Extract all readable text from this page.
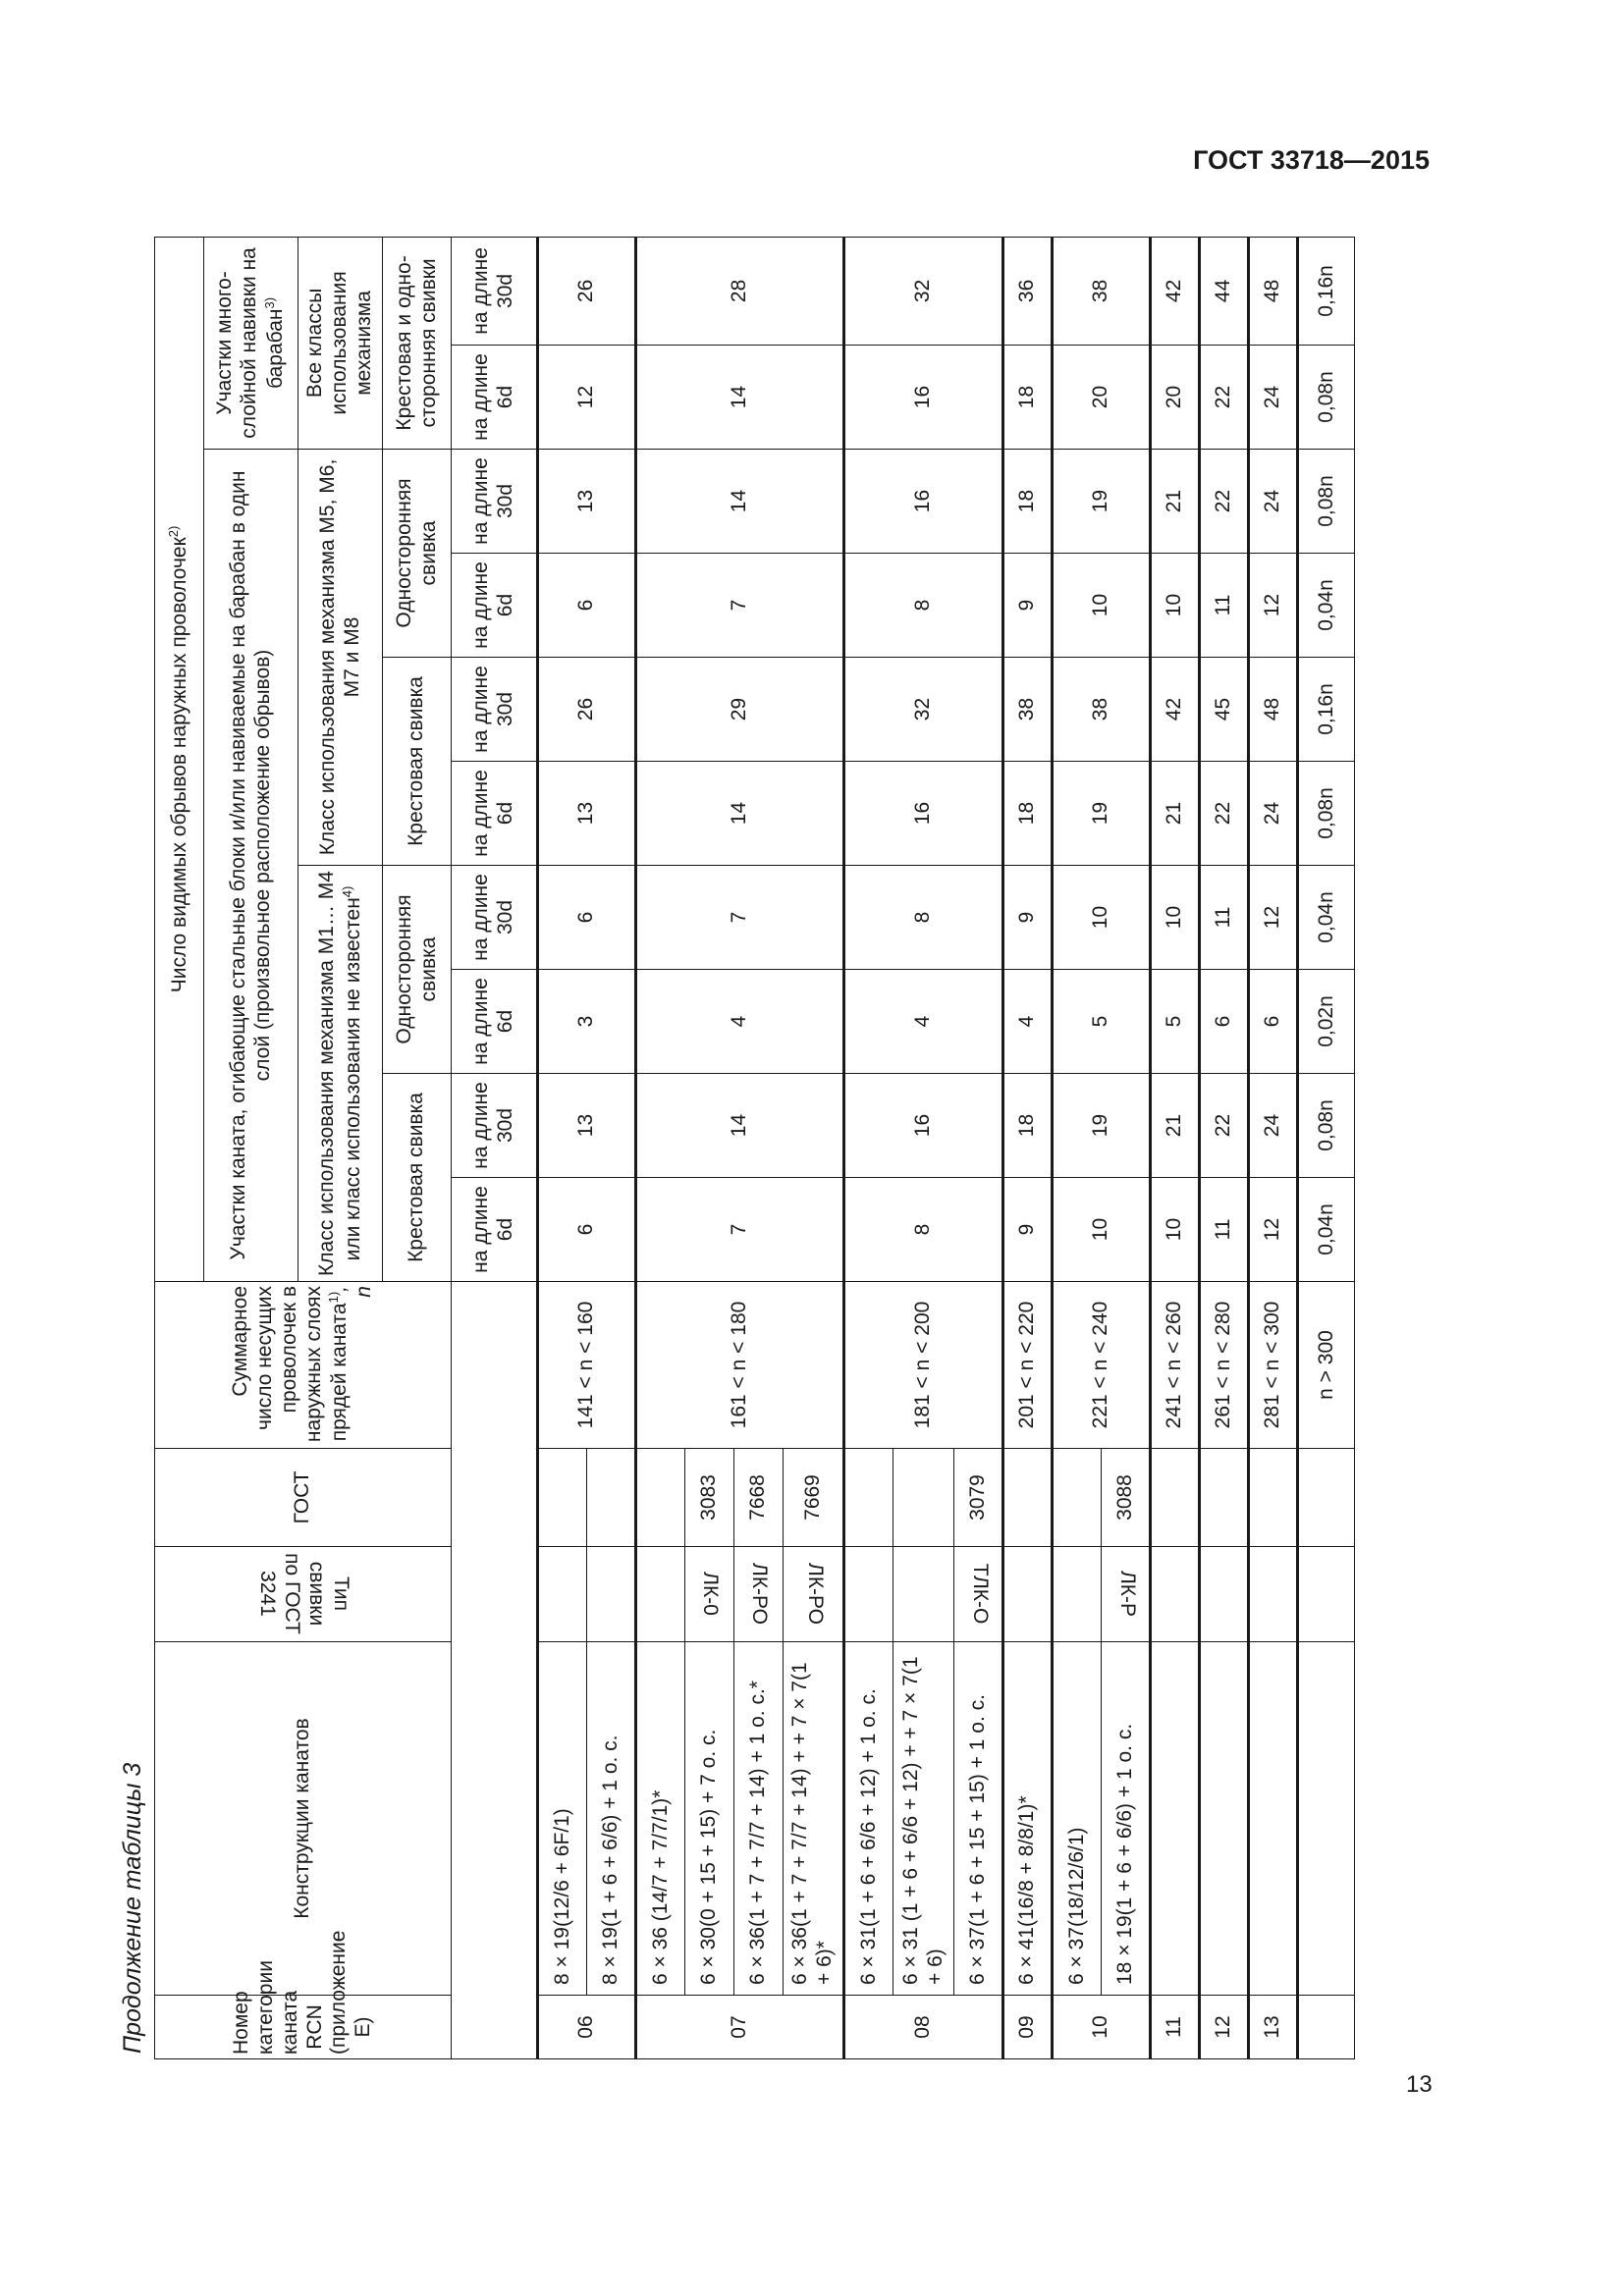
ГОСТ 33718—2015
Продолжение таблицы 3	Номер категории каната RCN (приложение Е)	Конструкции канатов	Тип свивки по ГОСТ 3241	ГОСТ	Суммарное число несущих проволочек в наружных слоях прядей каната$^{1)}$, n	Число видимых обрывов наружных проволочек$^{2)}$
					Участки каната, огибающие стальные блоки и/или навиваемые на барабан в один слой (произвольное расположение обрывов)								Участки многослойной навивки на барабан$^{3)}$
					Класс использования механизма М1… М4 или класс использования не известен$^{4)}$				Класс использования механизма М5, М6, М7 и М8				Все классы использования механизма	
					Крестовая свивка		Односторонняя свивка		Крестовая свивка		Односторонняя свивка		Крестовая и односторонняя свивки	
					на длине 6d	на длине 30d	на длине 6d	на длине 30d	на длине 6d	на длине 30d	на длине 6d	на длине 30d	на длине 6d	на длине 30d
06	8 × 19(12/6 + 6F/1)			141 < n < 160	6	13	3	6	13	26	6	13	12	26
	8 × 19(1 + 6 + 6/6) + 1 о. с.													
07	6 × 36 (14/7 + 7/7/1)*			161 < n < 180	7	14	4	7	14	29	7	14	14	28
	6 × 30(0 + 15 + 15) + 7 о. с.	ЛК-0	3083											
	6 × 36(1 + 7 + 7/7 + 14) + 1 о. с.*	ЛК-РО	7668											
	6 × 36(1 + 7 + 7/7 + 14) + + 7 × 7(1 + 6)*	ЛК-РО	7669											
08	6 × 31(1 + 6 + 6/6 + 12) + 1 о. с.			181 < n < 200	8	16	4	8	16	32	8	16	16	32
	6 × 31 (1 + 6 + 6/6 + 12) + + 7 × 7(1 + 6)													
	6 × 37(1 + 6 + 15 + 15) + 1 о. с.	ТЛК-О	3079											
09	6 × 41(16/8 + 8/8/1)*			201 < n < 220	9	18	4	9	18	38	9	18	18	36
10	6 × 37(18/12/6/1)			221 < n < 240	10	19	5	10	19	38	10	19	20	38
	18 × 19(1 + 6 + 6/6) + 1 о. с.	ЛК-Р	3088											
11				241 < n < 260	10	21	5	10	21	42	10	21	20	42
12				261 < n < 280	11	22	6	11	22	45	11	22	22	44
13				281 < n < 300	12	24	6	12	24	48	12	24	24	48
				n > 300	0,04n	0,08n	0,02n	0,04n	0,08n	0,16n	0,04n	0,08n	0,08n	0,16n
13
